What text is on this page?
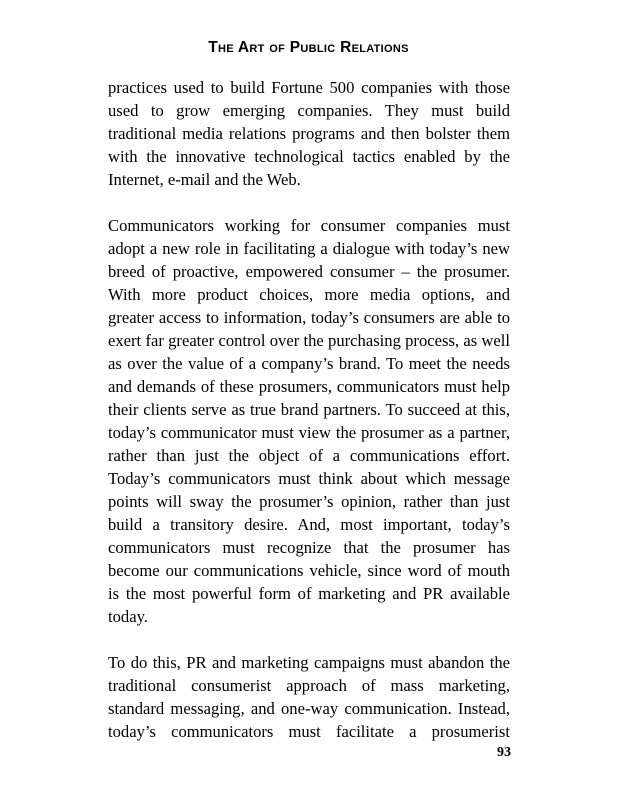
The Art of Public Relations

practices used to build Fortune 500 companies with those used to grow emerging companies. They must build traditional media relations programs and then bolster them with the innovative technological tactics enabled by the Internet, e-mail and the Web.

Communicators working for consumer companies must adopt a new role in facilitating a dialogue with today’s new breed of proactive, empowered consumer – the prosumer. With more product choices, more media options, and greater access to information, today’s consumers are able to exert far greater control over the purchasing process, as well as over the value of a company’s brand. To meet the needs and demands of these prosumers, communicators must help their clients serve as true brand partners. To succeed at this, today’s communicator must view the prosumer as a partner, rather than just the object of a communications effort. Today’s communicators must think about which message points will sway the prosumer’s opinion, rather than just build a transitory desire. And, most important, today’s communicators must recognize that the prosumer has become our communications vehicle, since word of mouth is the most powerful form of marketing and PR available today.

To do this, PR and marketing campaigns must abandon the traditional consumerist approach of mass marketing, standard messaging, and one-way communication. Instead, today’s communicators must facilitate a prosumerist

93
